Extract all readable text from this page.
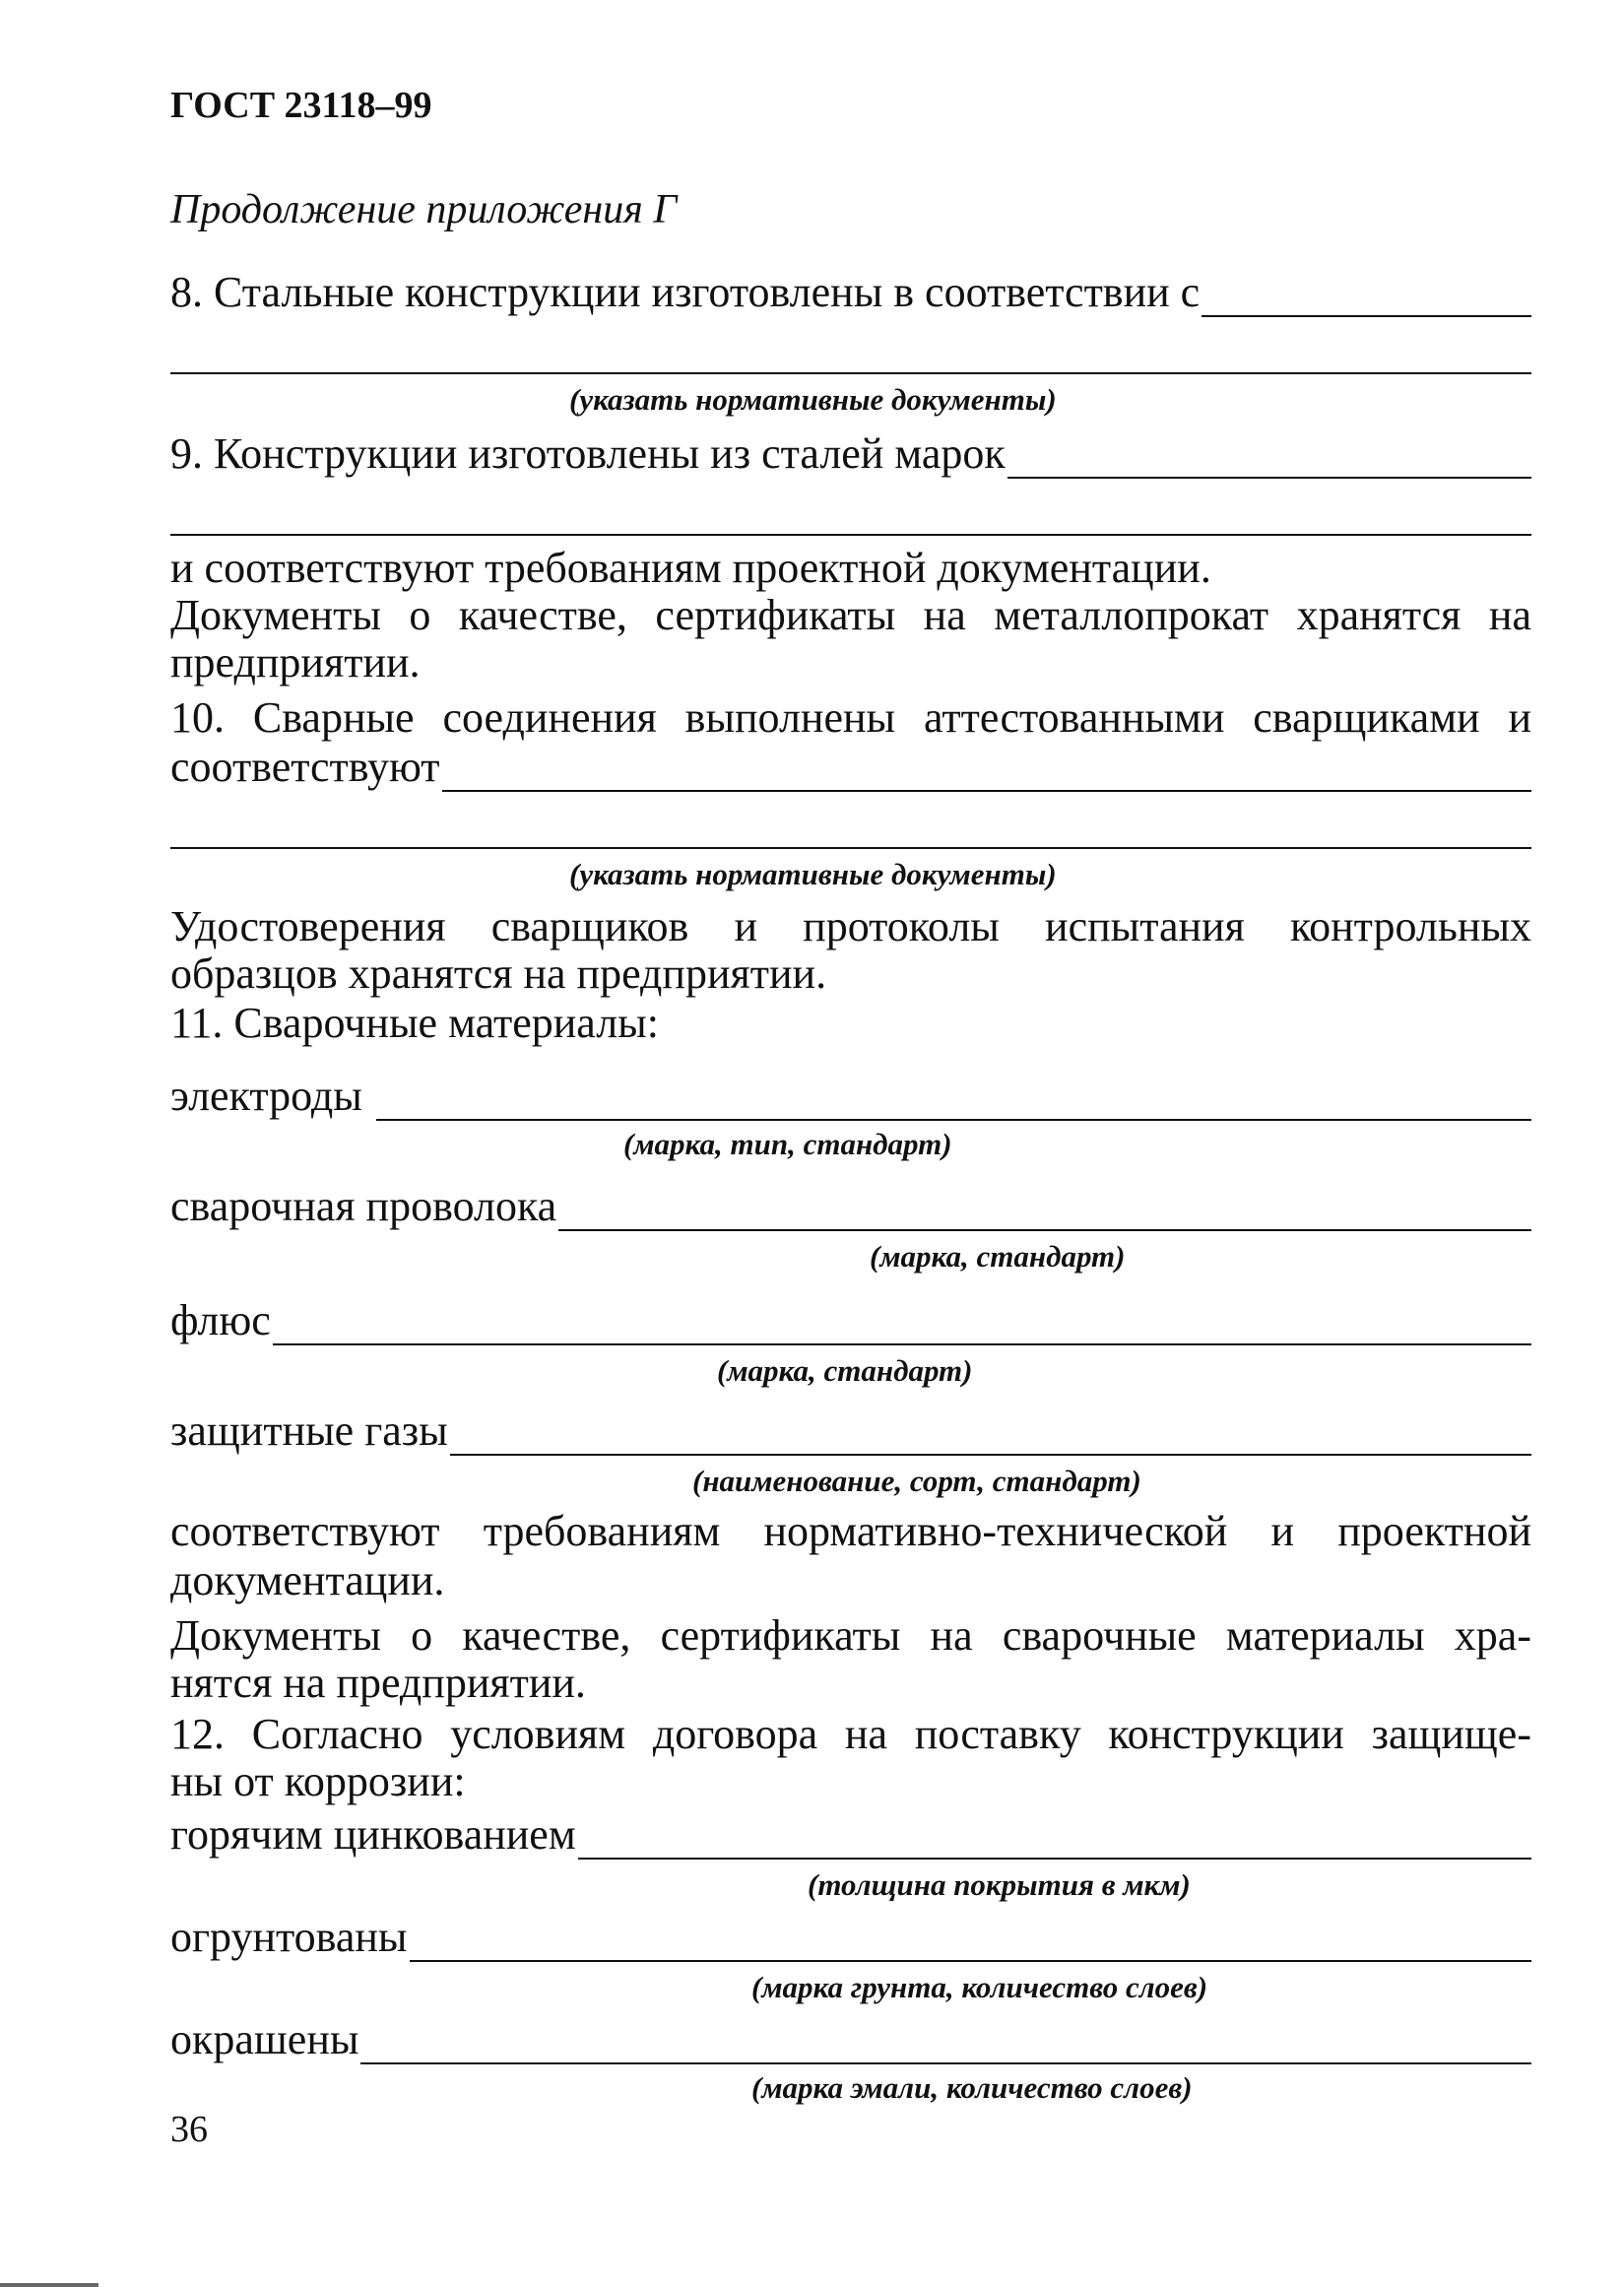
ГОСТ 23118–99
Продолжение приложения Г
8. Стальные конструкции изготовлены в соответствии с
(указать нормативные документы)
9. Конструкции изготовлены из сталей марок
и соответствуют требованиям проектной документации.
Документы о качестве, сертификаты на металлопрокат хранятся на
предприятии.
10. Сварные соединения выполнены аттестованными сварщиками и
соответствуют
(указать нормативные документы)
Удостоверения сварщиков и протоколы испытания контрольных
образцов хранятся на предприятии.
11. Сварочные материалы:
электроды
(марка, тип, стандарт)
сварочная проволока
(марка, стандарт)
флюс
(марка, стандарт)
защитные газы
(наименование, сорт, стандарт)
соответствуют требованиям нормативно-технической и проектной
документации.
Документы о качестве, сертификаты на сварочные материалы хра-
нятся на предприятии.
12. Согласно условиям договора на поставку конструкции защище-
ны от коррозии:
горячим цинкованием
(толщина покрытия в мкм)
огрунтованы
(марка грунта, количество слоев)
окрашены
(марка эмали, количество слоев)
36
